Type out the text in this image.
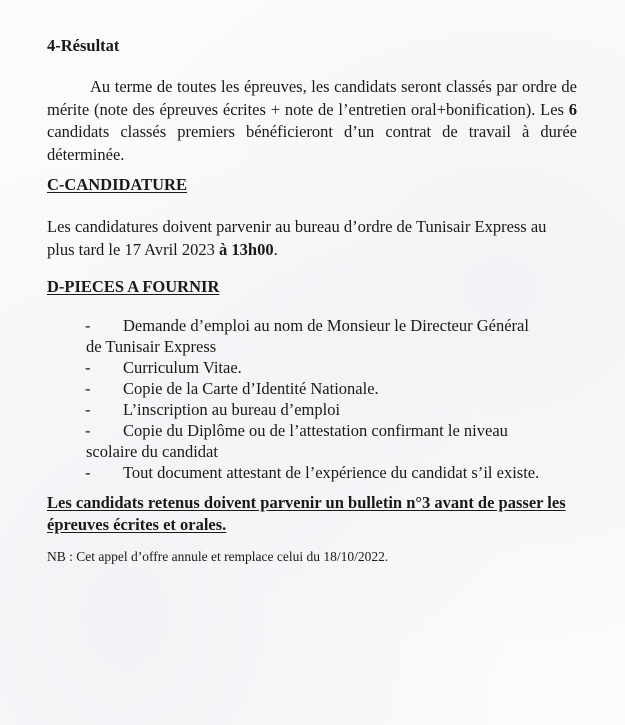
4-Résultat

Au terme de toutes les épreuves, les candidats seront classés par ordre de mérite (note des épreuves écrites + note de l’entretien oral+bonification). Les 6 candidats classés premiers bénéficieront d’un contrat de travail à durée déterminée.

C-CANDIDATURE

Les candidatures doivent parvenir au bureau d’ordre de Tunisair Express au plus tard le 17 Avril 2023 à 13h00.

D-PIECES A FOURNIR
- Demande d’emploi au nom de Monsieur le Directeur Général
de Tunisair Express
- Curriculum Vitae.
- Copie de la Carte d’Identité Nationale.
- L’inscription au bureau d’emploi
- Copie du Diplôme ou de l’attestation confirmant le niveau
scolaire du candidat
- Tout document attestant de l’expérience du candidat s’il existe.

Les candidats retenus doivent parvenir un bulletin n°3 avant de passer les épreuves écrites et orales.

NB : Cet appel d’offre annule et remplace celui du 18/10/2022.
